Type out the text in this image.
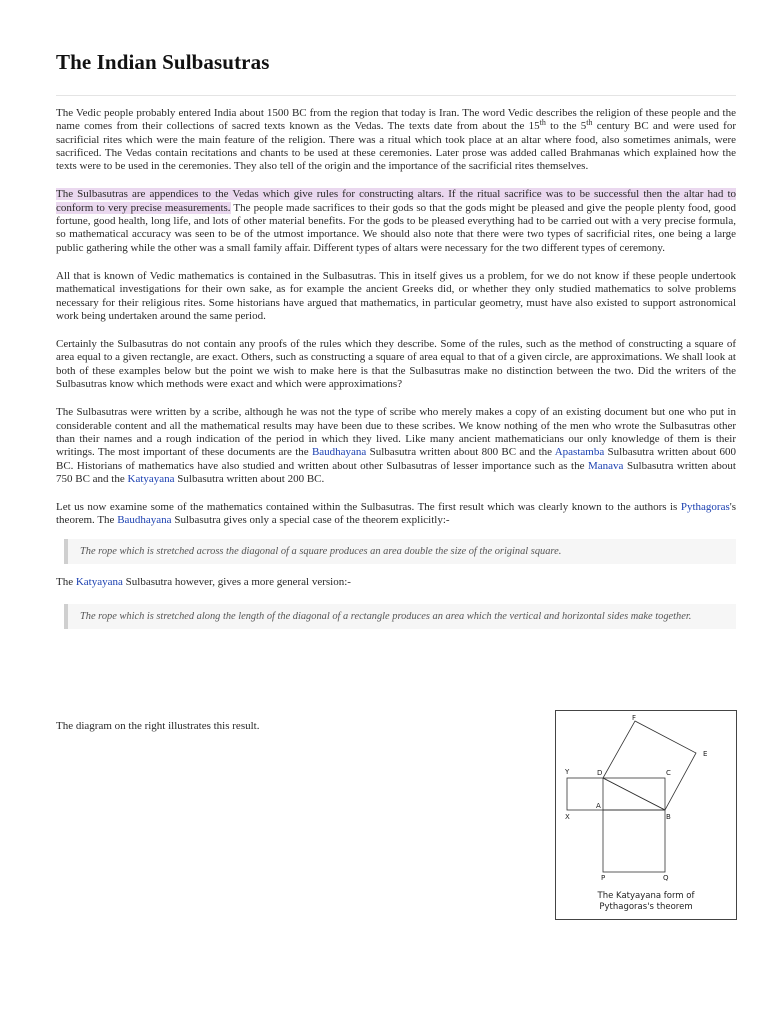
The Indian Sulbasutras

The Vedic people probably entered India about 1500 BC from the region that today is Iran. The word Vedic describes the religion of these people and the name comes from their collections of sacred texts known as the Vedas. The texts date from about the 15th to the 5th century BC and were used for sacrificial rites which were the main feature of the religion. There was a ritual which took place at an altar where food, also sometimes animals, were sacrificed. The Vedas contain recitations and chants to be used at these ceremonies. Later prose was added called Brahmanas which explained how the texts were to be used in the ceremonies. They also tell of the origin and the importance of the sacrificial rites themselves.

The Sulbasutras are appendices to the Vedas which give rules for constructing altars. If the ritual sacrifice was to be successful then the altar had to conform to very precise measurements. The people made sacrifices to their gods so that the gods might be pleased and give the people plenty food, good fortune, good health, long life, and lots of other material benefits. For the gods to be pleased everything had to be carried out with a very precise formula, so mathematical accuracy was seen to be of the utmost importance. We should also note that there were two types of sacrificial rites, one being a large public gathering while the other was a small family affair. Different types of altars were necessary for the two different types of ceremony.

All that is known of Vedic mathematics is contained in the Sulbasutras. This in itself gives us a problem, for we do not know if these people undertook mathematical investigations for their own sake, as for example the ancient Greeks did, or whether they only studied mathematics to solve problems necessary for their religious rites. Some historians have argued that mathematics, in particular geometry, must have also existed to support astronomical work being undertaken around the same period.

Certainly the Sulbasutras do not contain any proofs of the rules which they describe. Some of the rules, such as the method of constructing a square of area equal to a given rectangle, are exact. Others, such as constructing a square of area equal to that of a given circle, are approximations. We shall look at both of these examples below but the point we wish to make here is that the Sulbasutras make no distinction between the two. Did the writers of the Sulbasutras know which methods were exact and which were approximations?

The Sulbasutras were written by a scribe, although he was not the type of scribe who merely makes a copy of an existing document but one who put in considerable content and all the mathematical results may have been due to these scribes. We know nothing of the men who wrote the Sulbasutras other than their names and a rough indication of the period in which they lived. Like many ancient mathematicians our only knowledge of them is their writings. The most important of these documents are the Baudhayana Sulbasutra written about 800 BC and the Apastamba Sulbasutra written about 600 BC. Historians of mathematics have also studied and written about other Sulbasutras of lesser importance such as the Manava Sulbasutra written about 750 BC and the Katyayana Sulbasutra written about 200 BC.

Let us now examine some of the mathematics contained within the Sulbasutras. The first result which was clearly known to the authors is Pythagoras's theorem. The Baudhayana Sulbasutra gives only a special case of the theorem explicitly:-

The rope which is stretched across the diagonal of a square produces an area double the size of the original square.

The Katyayana Sulbasutra however, gives a more general version:-

The rope which is stretched along the length of the diagonal of a rectangle produces an area which the vertical and horizontal sides make together.

The diagram on the right illustrates this result.

F
E
Y	D	C
A
X	B
P	Q
The Katyayana form of
Pythagoras's theorem
